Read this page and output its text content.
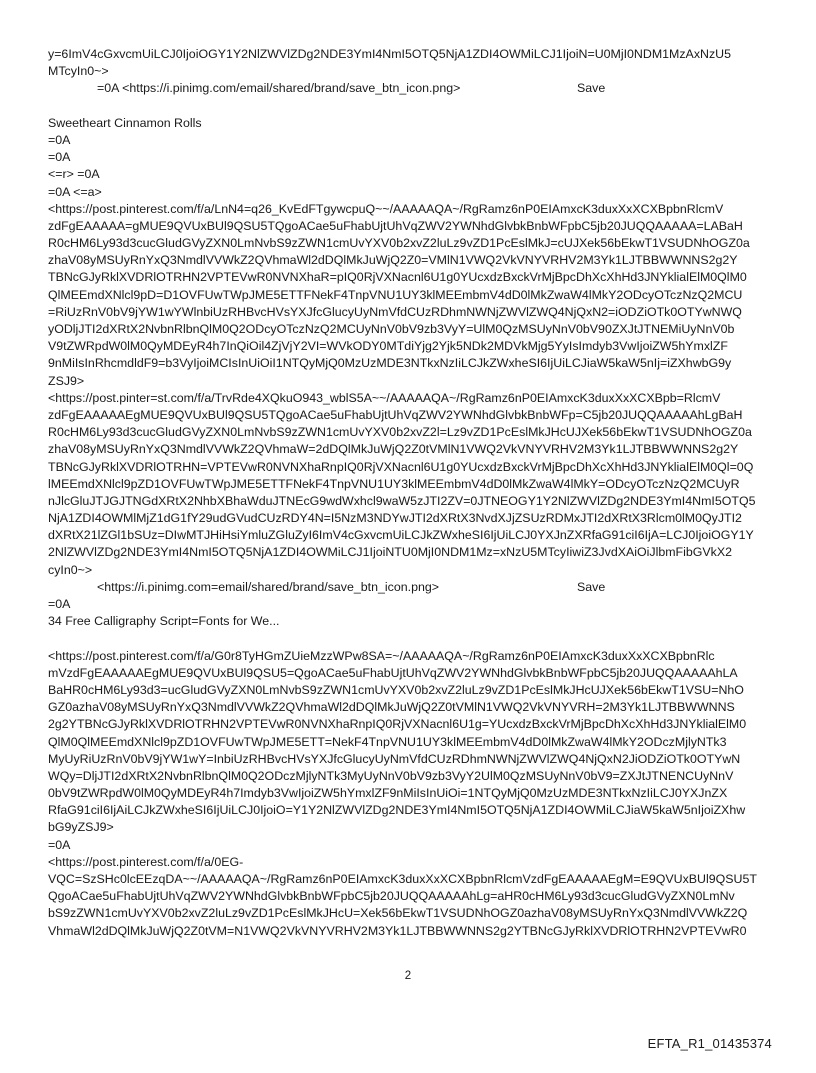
y=6ImV4cGxvcmUiLCJ0IjoiOGY1Y2NlZWVlZDg2NDE3YmI4NmI5OTQ5NjA1ZDI4OWMiLCJ1IjoiN=U0MjI0NDM1MzAxNzU5
MTcyIn0~>
=0A <https://i.pinimg.com/email/shared/brand/save_btn_icon.png>	Save
Sweetheart Cinnamon Rolls
=0A
=0A
<=r> =0A
=0A <=a>
<https://post.pinterest.com/f/a/LnN4=q26_KvEdFTgywcpuQ~~/AAAAAQA~/RgRamz6nP0EIAmxcK3duxXxXCXBpbnRlcmV
zdFgEAAAAA=gMUE9QVUxBUl9QSU5TQgoACae5uFhabUjtUhVqZWV2YWNhdGlvbkBnbWFpbC5jb20JUQQAAAAA=LABaH
R0cHM6Ly93d3cucGludGVyZXN0LmNvbS9zZWN1cmUvYXV0b2xvZ2luLz9vZD1PcEslMkJ=cUJXek56bEkwT1VSUDNhOGZ0a
zhaV08yMSUyRnYxQ3NmdlVVWkZ2QVhmaWl2dDQlMkJuWjQ2Z0=VMlN1VWQ2VkVNYVRHV2M3Yk1LJTBBWWNNS2g2Y
TBNcGJyRklXVDRlOTRHN2VPTEVwR0NVNXhaR=pIQ0RjVXNacnl6U1g0YUcxdzBxckVrMjBpcDhXcXhHd3JNYklialElM0QlM0
QlMEEmdXNlcl9pD=D1OVFUwTWpJME5ETTFNekF4TnpVNU1UY3klMEEmbmV4dD0lMkZwaW4lMkY2ODcyOTczNzQ2MCU
=RiUzRnV0bV9jYW1wYWlnbiUzRHBvcHVsYXJfcGlucyUyNmVfdCUzRDhmNWNjZWVlZWQ4NjQxN2=iODZiOTk0OTYwNWQ
yODljJTI2dXRtX2NvbnRlbnQlM0Q2ODcyOTczNzQ2MCUyNnV0bV9zb3VyY=UlM0QzMSUyNnV0bV90ZXJtJTNEMiUyNnV0b
V9tZWRpdW0lM0QyMDEyR4h7InQiOil4ZjVjY2VI=WVkODY0MTdiYjg2Yjk5NDk2MDVkMjg5YyIsImdyb3VwIjoiZW5hYmxlZF
9nMiIsInRhcmdldF9=b3VyIjoiMCIsInUiOiI1NTQyMjQ0MzUzMDE3NTkxNzIiLCJkZWxheSI6IjUiLCJiaW5kaW5nIj=iZXhwbG9y
ZSJ9>
<https://post.pinter=st.com/f/a/TrvRde4XQkuO943_wblS5A~~/AAAAAQA~/RgRamz6nP0EIAmxcK3duxXxXCXBpb=RlcmV
zdFgEAAAAAEgMUE9QVUxBUl9QSU5TQgoACae5uFhabUjtUhVqZWV2YWNhdGlvbkBnbWFp=C5jb20JUQQAAAAAhLgBaH
R0cHM6Ly93d3cucGludGVyZXN0LmNvbS9zZWN1cmUvYXV0b2xvZ2l=Lz9vZD1PcEslMkJHcUJXek56bEkwT1VSUDNhOGZ0a
zhaV08yMSUyRnYxQ3NmdlVVWkZ2QVhmaW=2dDQlMkJuWjQ2Z0tVMlN1VWQ2VkVNYVRHV2M3Yk1LJTBBWWNNS2g2Y
TBNcGJyRklXVDRlOTRHN=VPTEVwR0NVNXhaRnpIQ0RjVXNacnl6U1g0YUcxdzBxckVrMjBpcDhXcXhHd3JNYklialElM0Ql=0Q
lMEEmdXNlcl9pZD1OVFUwTWpJME5ETTFNekF4TnpVNU1UY3klMEEmbmV4dD0lMkZwaW4lMkY=ODcyOTczNzQ2MCUyR
nJlcGluJTJGJTNGdXRtX2NhbXBhaWduJTNEcG9wdWxhcl9waW5zJTI2ZV=0JTNEOGY1Y2NlZWVlZDg2NDE3YmI4NmI5OTQ5
NjA1ZDI4OWMlMjZ1dG1fY29udGVudCUzRDY4N=I5NzM3NDYwJTI2dXRtX3NvdXJjZSUzRDMxJTI2dXRtX3Rlcm0lM0QyJTI2
dXRtX21lZGl1bSUz=DIwMTJHiHsiYmluZGluZyI6ImV4cGxvcmUiLCJkZWxheSI6IjUiLCJ0YXJnZXRfaG91ciI6IjA=LCJ0IjoiOGY1Y
2NlZWVlZDg2NDE3YmI4NmI5OTQ5NjA1ZDI4OWMiLCJ1IjoiNTU0MjI0NDM1Mz=xNzU5MTcyIiwiZ3JvdXAiOiJlbmFibGVkX2
cyIn0~>
<https://i.pinimg.com=email/shared/brand/save_btn_icon.png>	Save
=0A
34 Free Calligraphy Script=Fonts for We...
<https://post.pinterest.com/f/a/G0r8TyHGmZUieMzzWPw8SA=~/AAAAAQA~/RgRamz6nP0EIAmxcK3duxXxXCXBpbnRlc
mVzdFgEAAAAAEgMUE9QVUxBUl9QSU5=QgoACae5uFhabUjtUhVqZWV2YWNhdGlvbkBnbWFpbC5jb20JUQQAAAAAhLA
BaHR0cHM6Ly93d3=ucGludGVyZXN0LmNvbS9zZWN1cmUvYXV0b2xvZ2luLz9vZD1PcEslMkJHcUJXek56bEkwT1VSU=NhO
GZ0azhaV08yMSUyRnYxQ3NmdlVVWkZ2QVhmaWl2dDQlMkJuWjQ2Z0tVMlN1VWQ2VkVNYVRH=2M3Yk1LJTBBWWNNS
2g2YTBNcGJyRklXVDRlOTRHN2VPTEVwR0NVNXhaRnpIQ0RjVXNacnl6U1g=YUcxdzBxckVrMjBpcDhXcXhHd3JNYklialElM0
QlM0QlMEEmdXNlcl9pZD1OVFUwTWpJME5ETT=NekF4TnpVNU1UY3klMEEmbmV4dD0lMkZwaW4lMkY2ODczMjlyNTk3
MyUyRiUzRnV0bV9jYW1wY=InbiUzRHBvcHVsYXJfcGlucyUyNmVfdCUzRDhmNWNjZWVlZWQ4NjQxN2JiODZiOTk0OTYwN
WQy=DljJTI2dXRtX2NvbnRlbnQlM0Q2ODczMjlyNTk3MyUyNnV0bV9zb3VyY2UlM0QzMSUyNnV0bV9=ZXJtJTNENCUyNnV
0bV9tZWRpdW0lM0QyMDEyR4h7Imdyb3VwIjoiZW5hYmxlZF9nMiIsInUiOi=1NTQyMjQ0MzUzMDE3NTkxNzIiLCJ0YXJnZX
RfaG91ciI6IjAiLCJkZWxheSI6IjUiLCJ0IjoiO=Y1Y2NlZWVlZDg2NDE3YmI4NmI5OTQ5NjA1ZDI4OWMiLCJiaW5kaW5nIjoiZXhw
bG9yZSJ9>
=0A
<https://post.pinterest.com/f/a/0EG-
VQC=SzSHc0lcEEzqDA~~/AAAAAQA~/RgRamz6nP0EIAmxcK3duxXxXCXBpbnRlcmVzdFgEAAAAAEgM=E9QVUxBUl9QSU5T
QgoACae5uFhabUjtUhVqZWV2YWNhdGlvbkBnbWFpbC5jb20JUQQAAAAAhLg=aHR0cHM6Ly93d3cucGludGVyZXN0LmNv
bS9zZWN1cmUvYXV0b2xvZ2luLz9vZD1PcEslMkJHcU=Xek56bEkwT1VSUDNhOGZ0azhaV08yMSUyRnYxQ3NmdlVVWkZ2Q
VhmaWl2dDQlMkJuWjQ2Z0tVM=N1VWQ2VkVNYVRHV2M3Yk1LJTBBWWNNS2g2YTBNcGJyRklXVDRlOTRHN2VPTEVwR0
2
EFTA_R1_01435374
